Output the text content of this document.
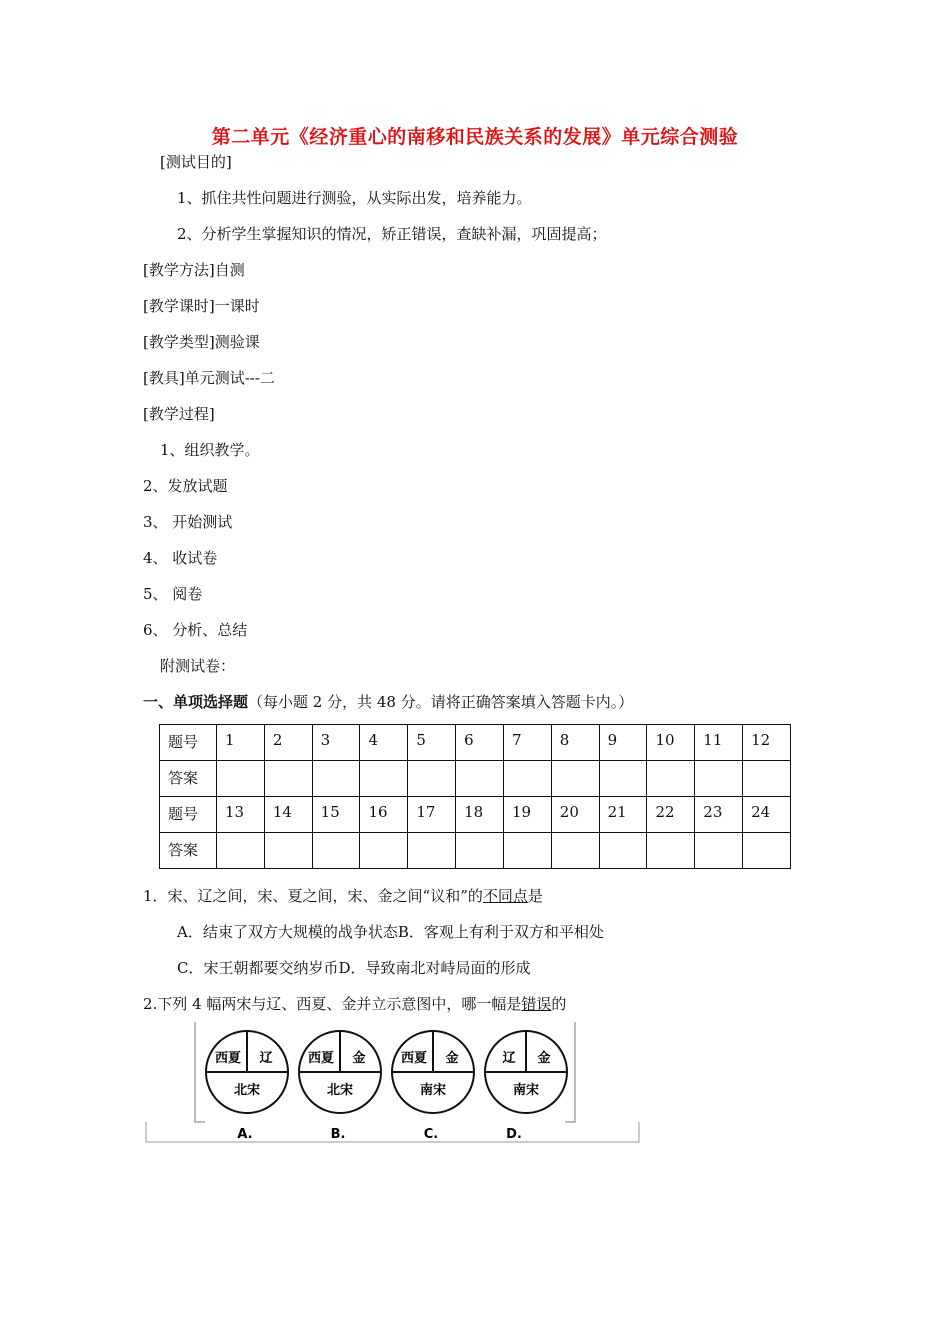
第二单元《经济重心的南移和民族关系的发展》单元综合测验
[测试目的]
1、抓住共性问题进行测验，从实际出发，培养能力。
2、分析学生掌握知识的情况，矫正错误，查缺补漏，巩固提高；
[教学方法]自测
[教学课时]一课时
[教学类型]测验课
[教具]单元测试---二
[教学过程]
1、组织教学。
2、发放试题
3、 开始测试
4、 收试卷
5、 阅卷
6、 分析、总结
附测试卷：
一、单项选择题（每小题 2 分，共 48 分。请将正确答案填入答题卡内。）
题号	1	2	3	4	5	6	7	8	9	10	11	12
答案												
题号	13	14	15	16	17	18	19	20	21	22	23	24
答案												
1．宋、辽之间，宋、夏之间，宋、金之间“议和”的不同点是
A．结束了双方大规模的战争状态B．客观上有利于双方和平相处
C．宋王朝都要交纳岁币D．导致南北对峙局面的形成
2.下列 4 幅两宋与辽、西夏、金并立示意图中，哪一幅是错误的
西夏 辽
北宋
A.
西夏 金
北宋
B.
西夏 金
南宋
C.
辽 金
南宋
D.
